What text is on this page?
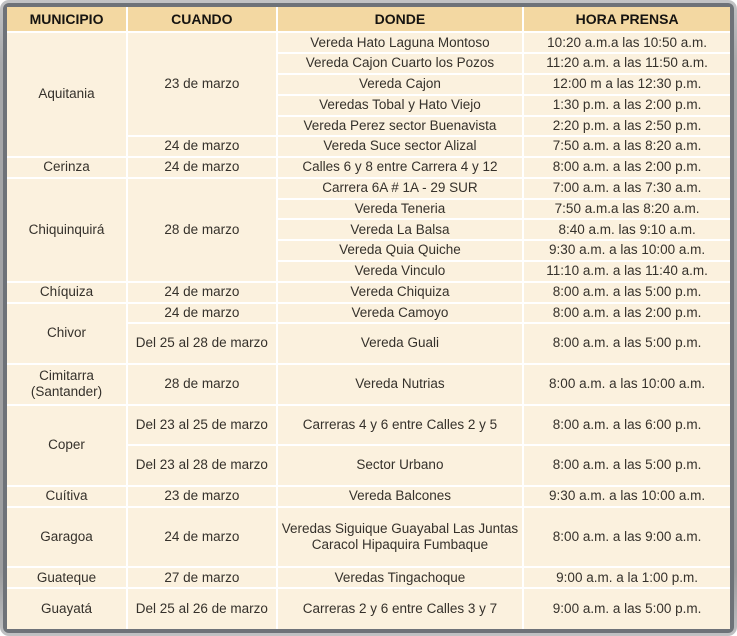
MUNICIPIO	CUANDO	DONDE	HORA PRENSA
Aquitania	23 de marzo	Vereda Hato Laguna Montoso	10:20 a.m.a las 10:50 a.m.
		Vereda Cajon Cuarto los Pozos	11:20 a.m. a las 11:50 a.m.
		Vereda Cajon	12:00 m a las 12:30 p.m.
		Veredas Tobal y Hato Viejo	1:30 p.m. a las 2:00 p.m.
		Vereda Perez sector Buenavista	2:20 p.m. a las 2:50 p.m.
	24 de marzo	Vereda Suce sector Alizal	7:50 a.m. a las 8:20 a.m.
Cerinza	24 de marzo	Calles 6 y 8 entre Carrera 4 y 12	8:00 a.m. a las 2:00 p.m.
Chiquinquirá	28 de marzo	Carrera 6A # 1A - 29 SUR	7:00 a.m. a las 7:30 a.m.
		Vereda Teneria	7:50 a.m.a las 8:20 a.m.
		Vereda La Balsa	8:40 a.m. las 9:10 a.m.
		Vereda Quia Quiche	9:30 a.m. a las 10:00 a.m.
		Vereda Vinculo	11:10 a.m. a las 11:40 a.m.
Chíquiza	24 de marzo	Vereda Chiquiza	8:00 a.m. a las 5:00 p.m.
Chivor	24 de marzo	Vereda Camoyo	8:00 a.m. a las 2:00 p.m.
	Del 25 al 28 de marzo	Vereda Guali	8:00 a.m. a las 5:00 p.m.
Cimitarra (Santander)	28 de marzo	Vereda Nutrias	8:00 a.m. a las 10:00 a.m.
Coper	Del 23 al 25 de marzo	Carreras 4 y 6 entre Calles 2 y 5	8:00 a.m. a las 6:00 p.m.
	Del 23 al 28 de marzo	Sector Urbano	8:00 a.m. a las 5:00 p.m.
Cuítiva	23 de marzo	Vereda Balcones	9:30 a.m. a las 10:00 a.m.
Garagoa	24 de marzo	Veredas Siguique Guayabal Las Juntas Caracol Hipaquira Fumbaque	8:00 a.m. a las 9:00 a.m.
Guateque	27 de marzo	Veredas Tingachoque	9:00 a.m. a la 1:00 p.m.
Guayatá	Del 25 al 26 de marzo	Carreras 2 y 6 entre Calles 3 y 7	9:00 a.m. a las 5:00 p.m.
